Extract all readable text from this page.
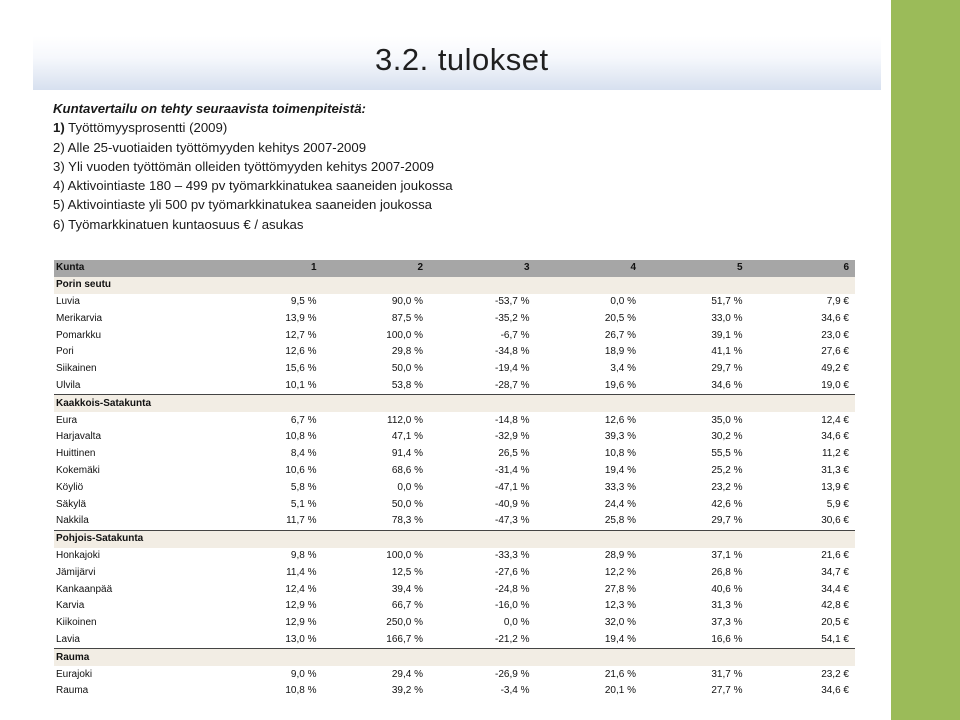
3.2. tulokset
Kuntavertailu on tehty seuraavista toimenpiteistä:
1) Työttömyysprosentti (2009)
2) Alle 25-vuotiaiden työttömyyden kehitys 2007-2009
3) Yli vuoden työttömän olleiden työttömyyden kehitys 2007-2009
4) Aktivointiaste 180 – 499 pv työmarkkinatukea saaneiden joukossa
5) Aktivointiaste yli 500 pv työmarkkinatukea saaneiden joukossa
6) Työmarkkinatuen kuntaosuus € / asukas
Kunta	1	2	3	4	5	6
Porin seutu						
Luvia	9,5 %	90,0 %	-53,7 %	0,0 %	51,7 %	7,9 €
Merikarvia	13,9 %	87,5 %	-35,2 %	20,5 %	33,0 %	34,6 €
Pomarkku	12,7 %	100,0 %	-6,7 %	26,7 %	39,1 %	23,0 €
Pori	12,6 %	29,8 %	-34,8 %	18,9 %	41,1 %	27,6 €
Siikainen	15,6 %	50,0 %	-19,4 %	3,4 %	29,7 %	49,2 €
Ulvila	10,1 %	53,8 %	-28,7 %	19,6 %	34,6 %	19,0 €
Kaakkois-Satakunta						
Eura	6,7 %	112,0 %	-14,8 %	12,6 %	35,0 %	12,4 €
Harjavalta	10,8 %	47,1 %	-32,9 %	39,3 %	30,2 %	34,6 €
Huittinen	8,4 %	91,4 %	26,5 %	10,8 %	55,5 %	11,2 €
Kokemäki	10,6 %	68,6 %	-31,4 %	19,4 %	25,2 %	31,3 €
Köyliö	5,8 %	0,0 %	-47,1 %	33,3 %	23,2 %	13,9 €
Säkylä	5,1 %	50,0 %	-40,9 %	24,4 %	42,6 %	5,9 €
Nakkila	11,7 %	78,3 %	-47,3 %	25,8 %	29,7 %	30,6 €
Pohjois-Satakunta						
Honkajoki	9,8 %	100,0 %	-33,3 %	28,9 %	37,1 %	21,6 €
Jämijärvi	11,4 %	12,5 %	-27,6 %	12,2 %	26,8 %	34,7 €
Kankaanpää	12,4 %	39,4 %	-24,8 %	27,8 %	40,6 %	34,4 €
Karvia	12,9 %	66,7 %	-16,0 %	12,3 %	31,3 %	42,8 €
Kiikoinen	12,9 %	250,0 %	0,0 %	32,0 %	37,3 %	20,5 €
Lavia	13,0 %	166,7 %	-21,2 %	19,4 %	16,6 %	54,1 €
Rauma						
Eurajoki	9,0 %	29,4 %	-26,9 %	21,6 %	31,7 %	23,2 €
Rauma	10,8 %	39,2 %	-3,4 %	20,1 %	27,7 %	34,6 €
